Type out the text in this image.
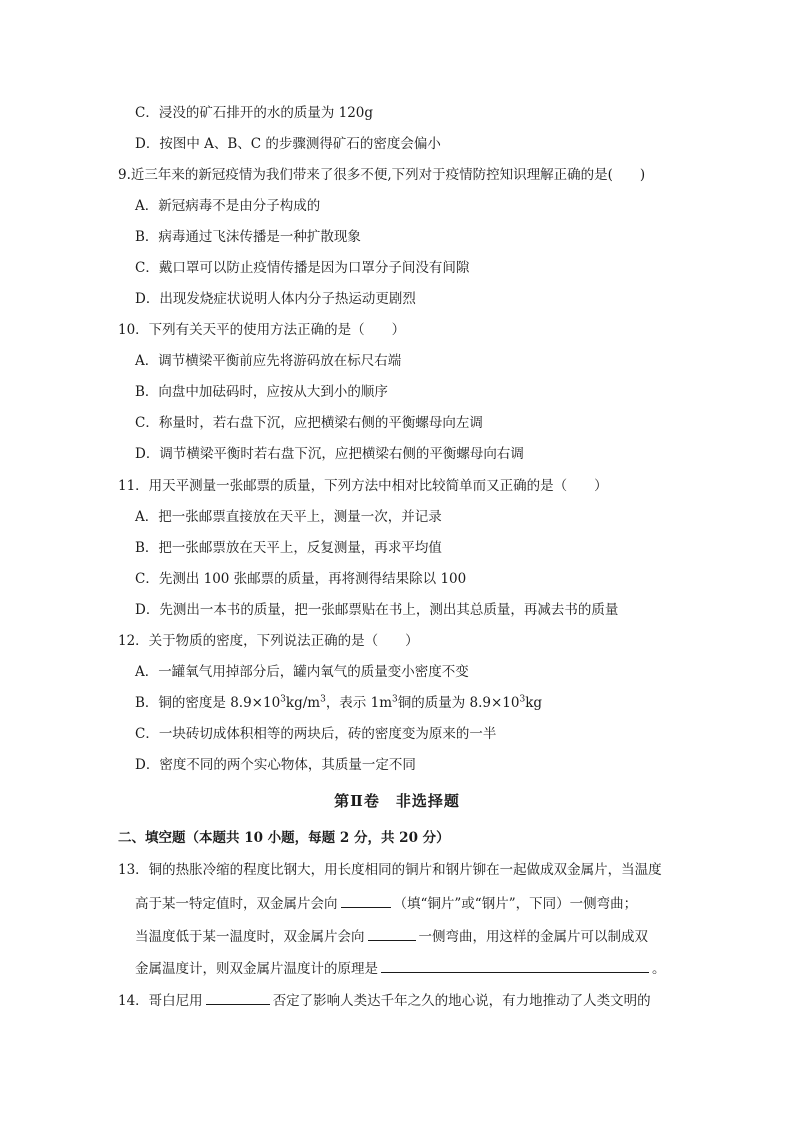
C．浸没的矿石排开的水的质量为 120g
D．按图中 A、B、C 的步骤测得矿石的密度会偏小
9.近三年来的新冠疫情为我们带来了很多不便,下列对于疫情防控知识理解正确的是(　　)
A．新冠病毒不是由分子构成的
B．病毒通过飞沫传播是一种扩散现象
C．戴口罩可以防止疫情传播是因为口罩分子间没有间隙
D．出现发烧症状说明人体内分子热运动更剧烈
10．下列有关天平的使用方法正确的是（　　）
A．调节横梁平衡前应先将游码放在标尺右端
B．向盘中加砝码时，应按从大到小的顺序
C．称量时，若右盘下沉，应把横梁右侧的平衡螺母向左调
D．调节横梁平衡时若右盘下沉，应把横梁右侧的平衡螺母向右调
11．用天平测量一张邮票的质量，下列方法中相对比较简单而又正确的是（　　）
A．把一张邮票直接放在天平上，测量一次，并记录
B．把一张邮票放在天平上，反复测量，再求平均值
C．先测出 100 张邮票的质量，再将测得结果除以 100
D．先测出一本书的质量，把一张邮票贴在书上，测出其总质量，再减去书的质量
12．关于物质的密度，下列说法正确的是（　　）
A．一罐氧气用掉部分后，罐内氧气的质量变小密度不变
B．铜的密度是 $8.9\times 10^3kg/m^3$，表示 $1m^3$铜的质量为 $8.9\times 10^3kg$
C．一块砖切成体积相等的两块后，砖的密度变为原来的一半
D．密度不同的两个实心物体，其质量一定不同
第Ⅱ卷　非选择题
二、填空题（本题共 10 小题，每题 2 分，共 20 分）
13．铜的热胀冷缩的程度比钢大，用长度相同的铜片和钢片铆在一起做成双金属片，当温度
高于某一特定值时，双金属片会向	（填“铜片”或“钢片”，下同）一侧弯曲；
当温度低于某一温度时，双金属片会向	一侧弯曲，用这样的金属片可以制成双
金属温度计，则双金属片温度计的原理是	。
14．哥白尼用	否定了影响人类达千年之久的地心说，有力地推动了人类文明的
